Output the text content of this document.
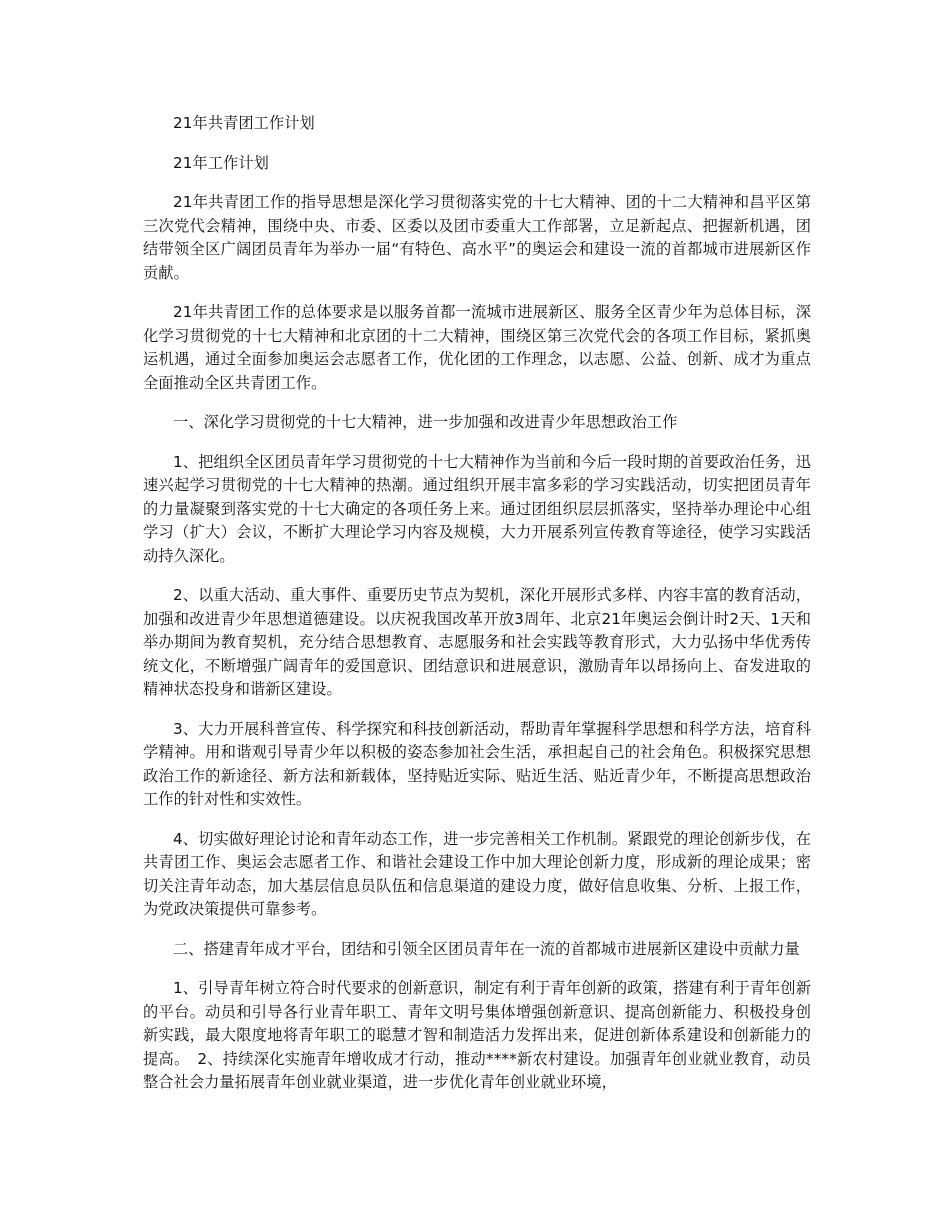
21年共青团工作计划

21年工作计划

21年共青团工作的指导思想是深化学习贯彻落实党的十七大精神、团的十二大精神和昌平区第三次党代会精神，围绕中央、市委、区委以及团市委重大工作部署，立足新起点、把握新机遇，团结带领全区广阔团员青年为举办一届“有特色、高水平”的奥运会和建设一流的首都城市进展新区作贡献。

21年共青团工作的总体要求是以服务首都一流城市进展新区、服务全区青少年为总体目标，深化学习贯彻党的十七大精神和北京团的十二大精神，围绕区第三次党代会的各项工作目标，紧抓奥运机遇，通过全面参加奥运会志愿者工作，优化团的工作理念，以志愿、公益、创新、成才为重点全面推动全区共青团工作。

一、深化学习贯彻党的十七大精神，进一步加强和改进青少年思想政治工作

1、把组织全区团员青年学习贯彻党的十七大精神作为当前和今后一段时期的首要政治任务，迅速兴起学习贯彻党的十七大精神的热潮。通过组织开展丰富多彩的学习实践活动，切实把团员青年的力量凝聚到落实党的十七大确定的各项任务上来。通过团组织层层抓落实，坚持举办理论中心组学习（扩大）会议，不断扩大理论学习内容及规模，大力开展系列宣传教育等途径，使学习实践活动持久深化。

2、以重大活动、重大事件、重要历史节点为契机，深化开展形式多样、内容丰富的教育活动，加强和改进青少年思想道德建设。以庆祝我国改革开放3周年、北京21年奥运会倒计时2天、1天和举办期间为教育契机，充分结合思想教育、志愿服务和社会实践等教育形式，大力弘扬中华优秀传统文化，不断增强广阔青年的爱国意识、团结意识和进展意识，激励青年以昂扬向上、奋发进取的精神状态投身和谐新区建设。

3、大力开展科普宣传、科学探究和科技创新活动，帮助青年掌握科学思想和科学方法，培育科学精神。用和谐观引导青少年以积极的姿态参加社会生活，承担起自己的社会角色。积极探究思想政治工作的新途径、新方法和新载体，坚持贴近实际、贴近生活、贴近青少年，不断提高思想政治工作的针对性和实效性。

4、切实做好理论讨论和青年动态工作，进一步完善相关工作机制。紧跟党的理论创新步伐，在共青团工作、奥运会志愿者工作、和谐社会建设工作中加大理论创新力度，形成新的理论成果；密切关注青年动态，加大基层信息员队伍和信息渠道的建设力度，做好信息收集、分析、上报工作，为党政决策提供可靠参考。

二、搭建青年成才平台，团结和引领全区团员青年在一流的首都城市进展新区建设中贡献力量

1、引导青年树立符合时代要求的创新意识，制定有利于青年创新的政策，搭建有利于青年创新的平台。动员和引导各行业青年职工、青年文明号集体增强创新意识、提高创新能力、积极投身创新实践，最大限度地将青年职工的聪慧才智和制造活力发挥出来，促进创新体系建设和创新能力的提高。　2、持续深化实施青年增收成才行动，推动****新农村建设。加强青年创业就业教育，动员整合社会力量拓展青年创业就业渠道，进一步优化青年创业就业环境，
